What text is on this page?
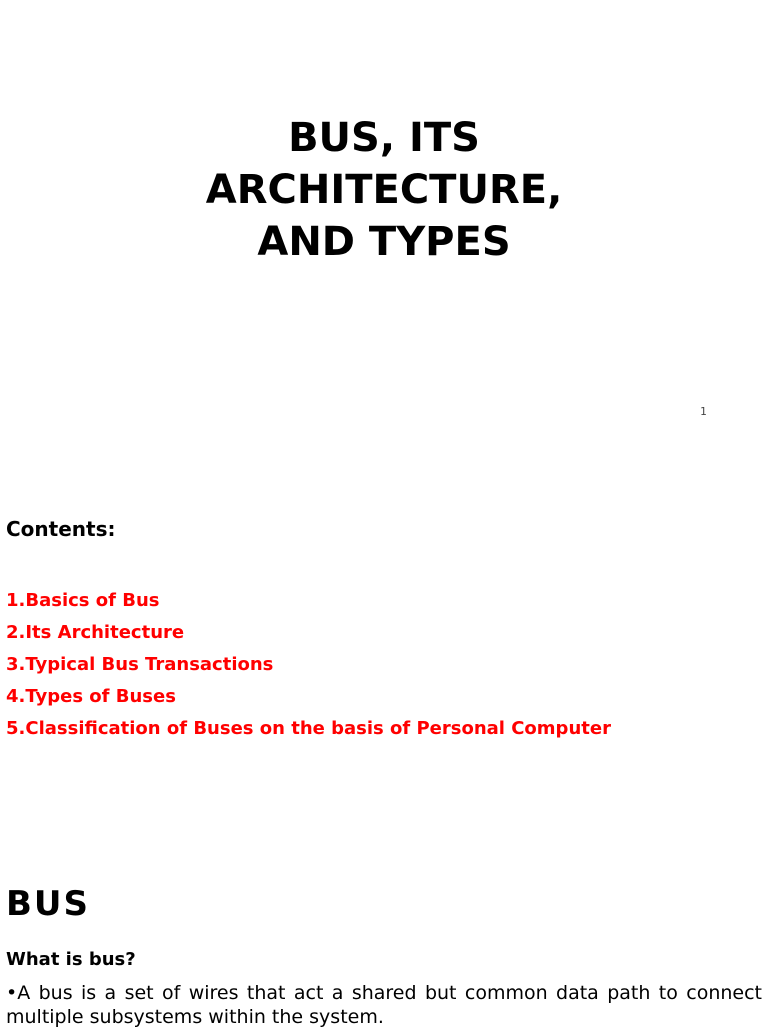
BUS, ITS
ARCHITECTURE,
AND TYPES
1
Contents:
1.Basics of Bus
2.Its Architecture
3.Typical Bus Transactions
4.Types of Buses
5.Classification of Buses on the basis of Personal Computer
BUS
What is bus?
•A bus is a set of wires that act a shared but common data path to connect multiple subsystems within the system.
